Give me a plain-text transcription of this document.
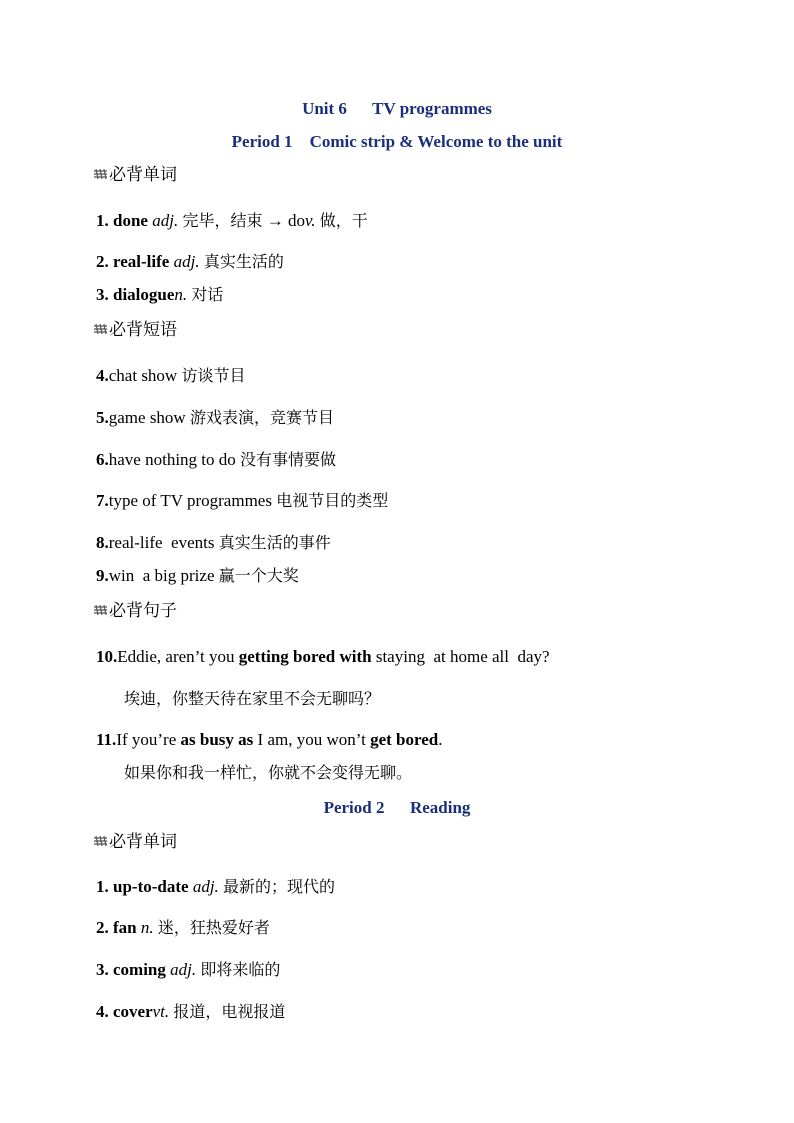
Unit 6 TV programmes
Period 1 Comic strip & Welcome to the unit
必背单词
1. done adj. 完毕，结束 → dov. 做，干
2. real-life adj. 真实生活的
3. dialoguen. 对话
必背短语
4.chat show 访谈节目
5.game show 游戏表演，竞赛节目
6.have nothing to do 没有事情要做
7.type of TV programmes 电视节目的类型
8.real-life  events 真实生活的事件
9.win  a big prize 赢一个大奖
必背句子
10.Eddie, aren’t you getting bored with staying  at home all  day?
埃迪，你整天待在家里不会无聊吗？
11.If you’re as busy as I am, you won’t get bored.
如果你和我一样忙，你就不会变得无聊。
Period 2 Reading
必背单词
1. up-to-date adj. 最新的；现代的
2. fan n. 迷，狂热爱好者
3. coming adj. 即将来临的
4. covervt. 报道，电视报道
